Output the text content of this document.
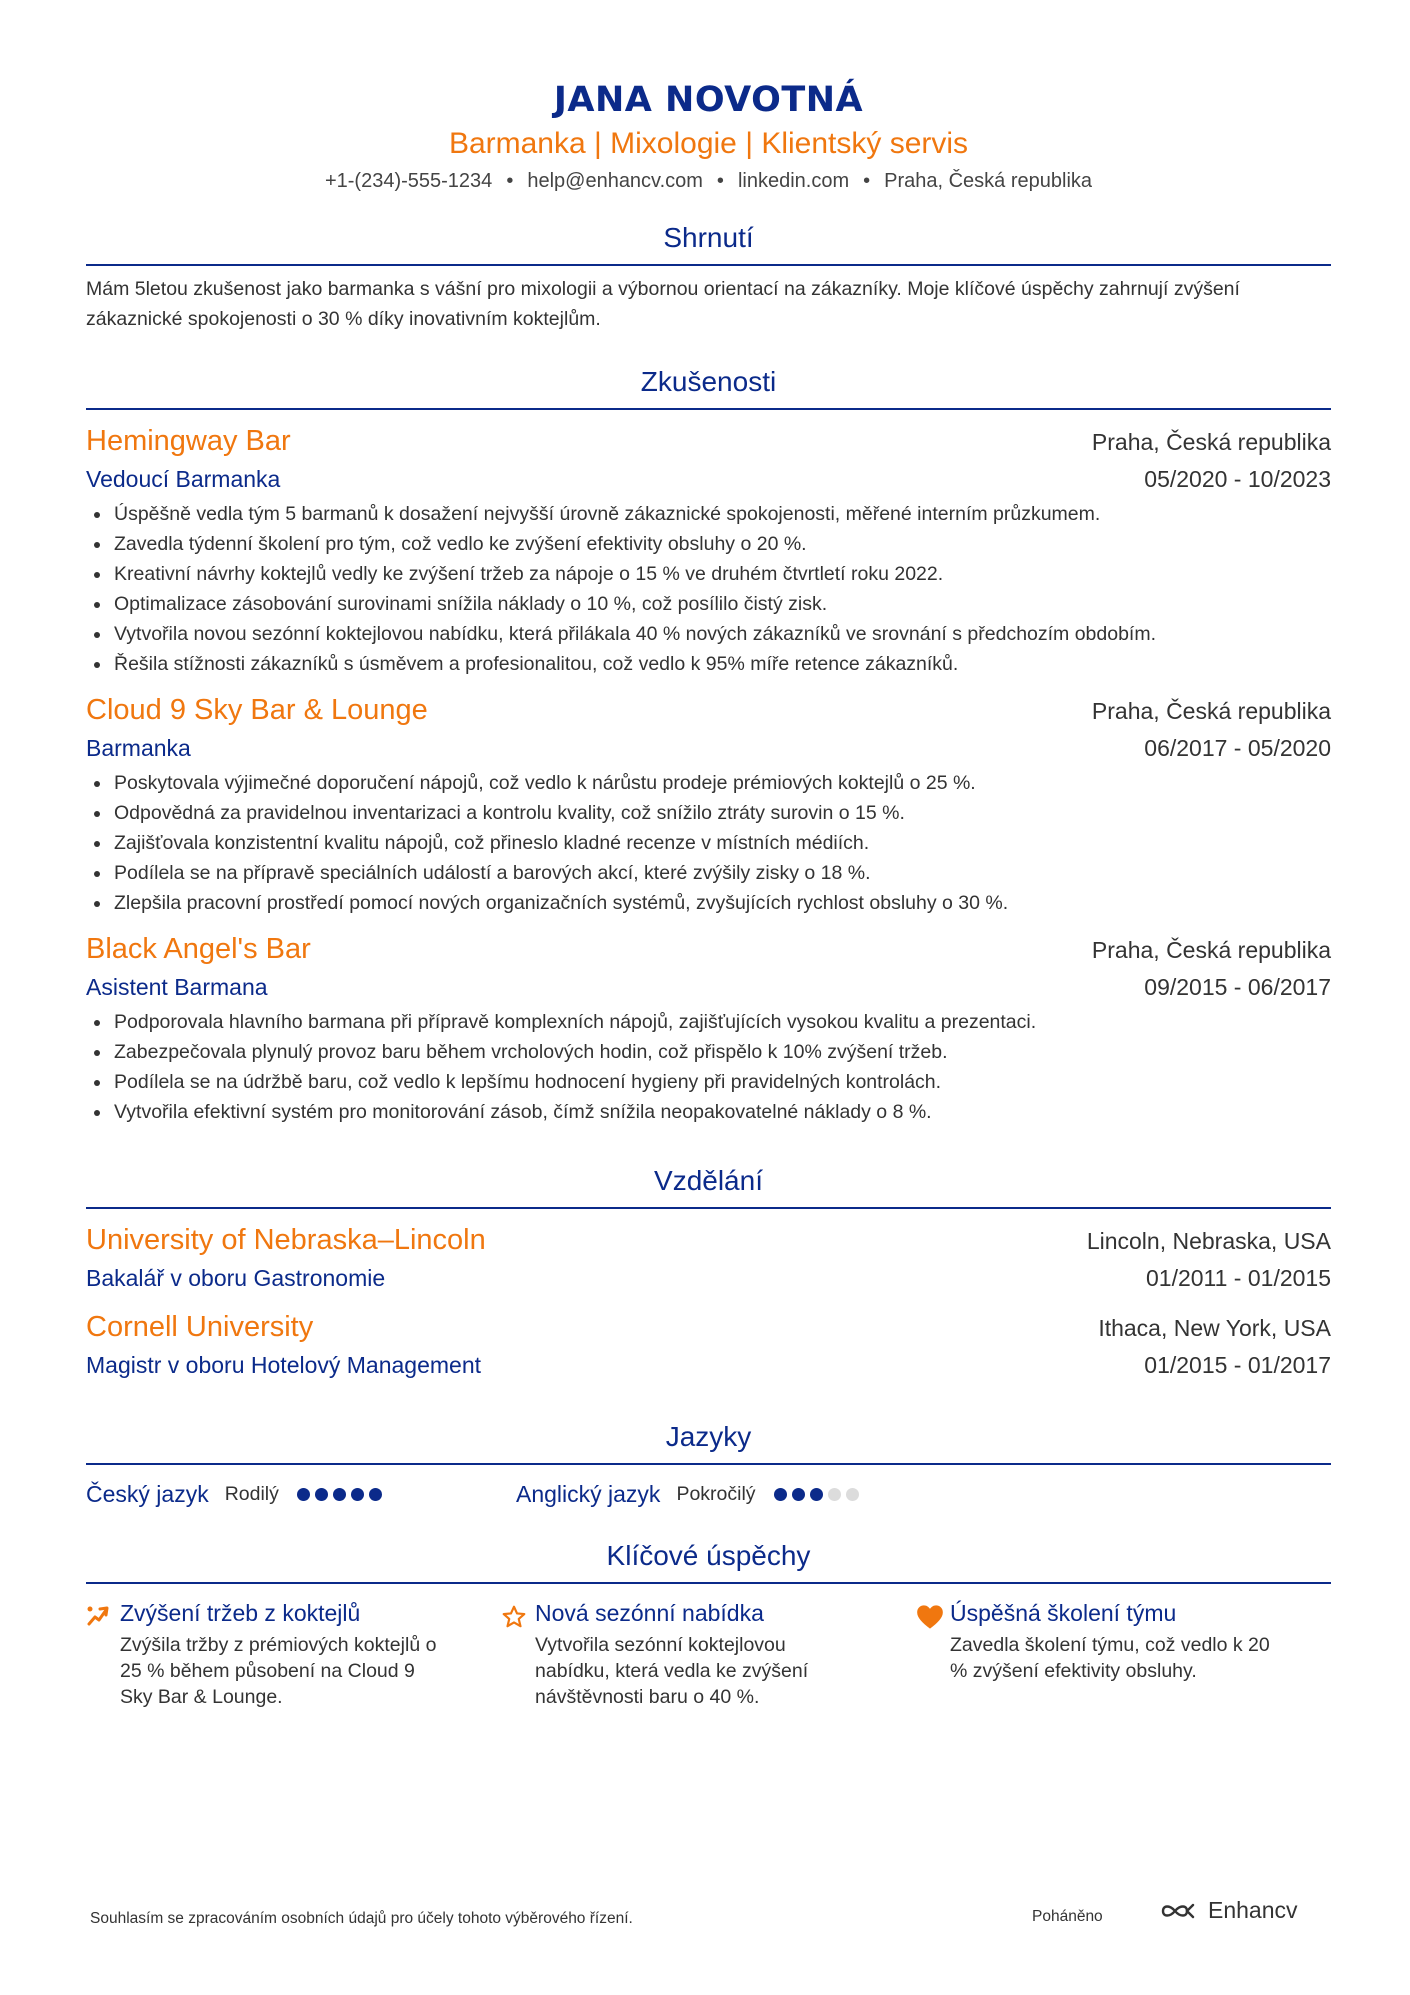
JANA NOVOTNÁ
Barmanka | Mixologie | Klientský servis
+1-(234)-555-1234 • help@enhancv.com • linkedin.com • Praha, Česká republika
Shrnutí
Mám 5letou zkušenost jako barmanka s vášní pro mixologii a výbornou orientací na zákazníky. Moje klíčové úspěchy zahrnují zvýšení zákaznické spokojenosti o 30 % díky inovativním koktejlům.
Zkušenosti
Hemingway Bar	Praha, Česká republika
Vedoucí Barmanka	05/2020 - 10/2023
Úspěšně vedla tým 5 barmanů k dosažení nejvyšší úrovně zákaznické spokojenosti, měřené interním průzkumem.
Zavedla týdenní školení pro tým, což vedlo ke zvýšení efektivity obsluhy o 20 %.
Kreativní návrhy koktejlů vedly ke zvýšení tržeb za nápoje o 15 % ve druhém čtvrtletí roku 2022.
Optimalizace zásobování surovinami snížila náklady o 10 %, což posílilo čistý zisk.
Vytvořila novou sezónní koktejlovou nabídku, která přilákala 40 % nových zákazníků ve srovnání s předchozím obdobím.
Řešila stížnosti zákazníků s úsměvem a profesionalitou, což vedlo k 95% míře retence zákazníků.
Cloud 9 Sky Bar & Lounge	Praha, Česká republika
Barmanka	06/2017 - 05/2020
Poskytovala výjimečné doporučení nápojů, což vedlo k nárůstu prodeje prémiových koktejlů o 25 %.
Odpovědná za pravidelnou inventarizaci a kontrolu kvality, což snížilo ztráty surovin o 15 %.
Zajišťovala konzistentní kvalitu nápojů, což přineslo kladné recenze v místních médiích.
Podílela se na přípravě speciálních událostí a barových akcí, které zvýšily zisky o 18 %.
Zlepšila pracovní prostředí pomocí nových organizačních systémů, zvyšujících rychlost obsluhy o 30 %.
Black Angel's Bar	Praha, Česká republika
Asistent Barmana	09/2015 - 06/2017
Podporovala hlavního barmana při přípravě komplexních nápojů, zajišťujících vysokou kvalitu a prezentaci.
Zabezpečovala plynulý provoz baru během vrcholových hodin, což přispělo k 10% zvýšení tržeb.
Podílela se na údržbě baru, což vedlo k lepšímu hodnocení hygieny při pravidelných kontrolách.
Vytvořila efektivní systém pro monitorování zásob, čímž snížila neopakovatelné náklady o 8 %.
Vzdělání
University of Nebraska–Lincoln	Lincoln, Nebraska, USA
Bakalář v oboru Gastronomie	01/2011 - 01/2015
Cornell University	Ithaca, New York, USA
Magistr v oboru Hotelový Management	01/2015 - 01/2017
Jazyky
Český jazyk Rodilý	Anglický jazyk Pokročilý
Klíčové úspěchy
Zvýšení tržeb z koktejlů
Zvýšila tržby z prémiových koktejlů o 25 % během působení na Cloud 9 Sky Bar & Lounge.
Nová sezónní nabídka
Vytvořila sezónní koktejlovou nabídku, která vedla ke zvýšení návštěvnosti baru o 40 %.
Úspěšná školení týmu
Zavedla školení týmu, což vedlo k 20 % zvýšení efektivity obsluhy.
Souhlasím se zpracováním osobních údajů pro účely tohoto výběrového řízení.	Poháněno	Enhancv
